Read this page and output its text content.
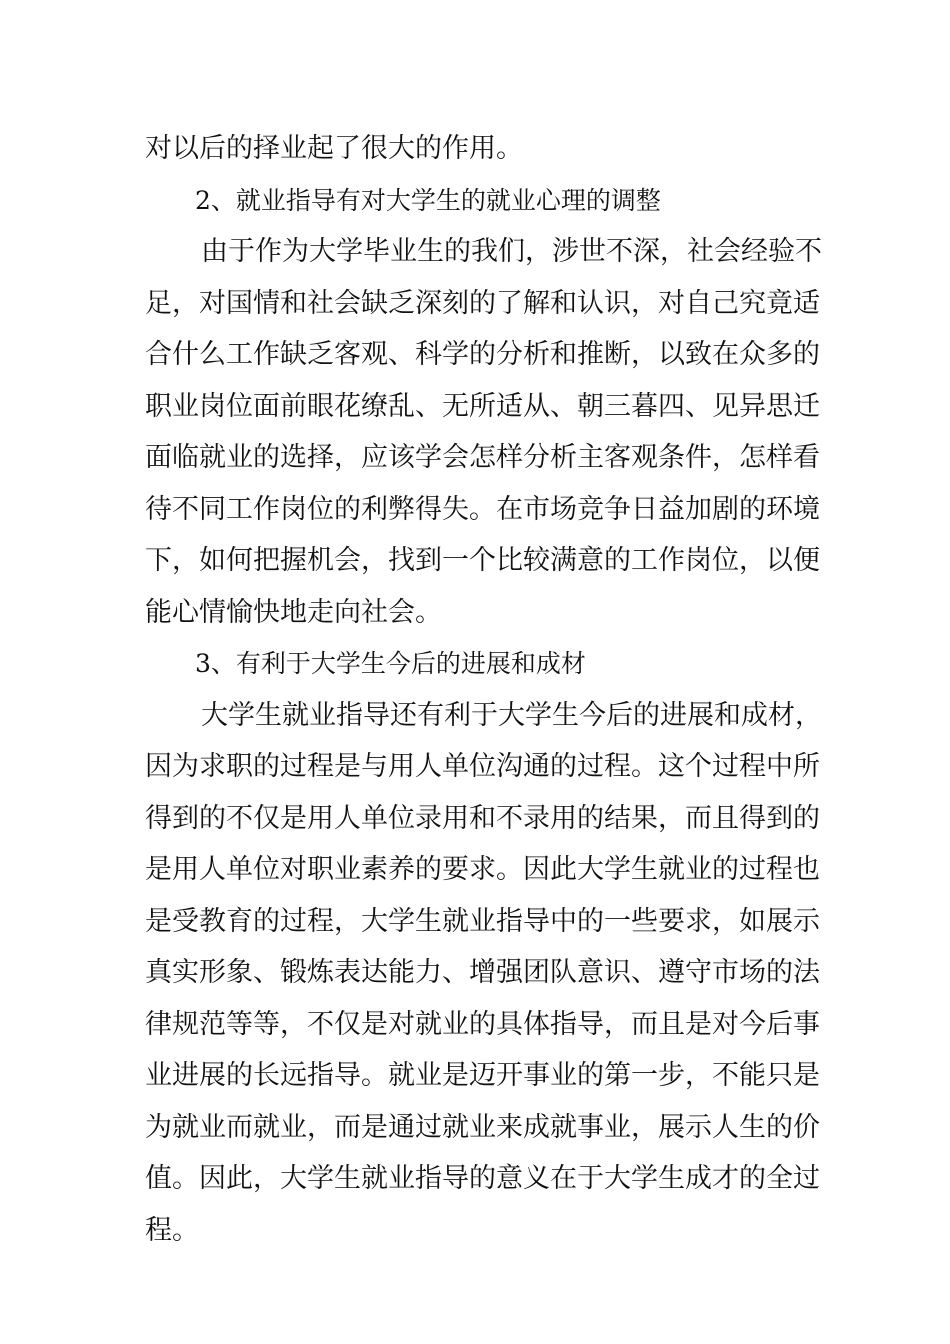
对以后的择业起了很大的作用。
2、就业指导有对大学生的就业心理的调整
由于作为大学毕业生的我们，涉世不深，社会经验不
足，对国情和社会缺乏深刻的了解和认识，对自己究竟适
合什么工作缺乏客观、科学的分析和推断，以致在众多的
职业岗位面前眼花缭乱、无所适从、朝三暮四、见异思迁
面临就业的选择，应该学会怎样分析主客观条件，怎样看
待不同工作岗位的利弊得失。在市场竞争日益加剧的环境
下，如何把握机会，找到一个比较满意的工作岗位，以便
能心情愉快地走向社会。
3、有利于大学生今后的进展和成材
大学生就业指导还有利于大学生今后的进展和成材，
因为求职的过程是与用人单位沟通的过程。这个过程中所
得到的不仅是用人单位录用和不录用的结果，而且得到的
是用人单位对职业素养的要求。因此大学生就业的过程也
是受教育的过程，大学生就业指导中的一些要求，如展示
真实形象、锻炼表达能力、增强团队意识、遵守市场的法
律规范等等，不仅是对就业的具体指导，而且是对今后事
业进展的长远指导。就业是迈开事业的第一步，不能只是
为就业而就业，而是通过就业来成就事业，展示人生的价
值。因此，大学生就业指导的意义在于大学生成才的全过
程。
